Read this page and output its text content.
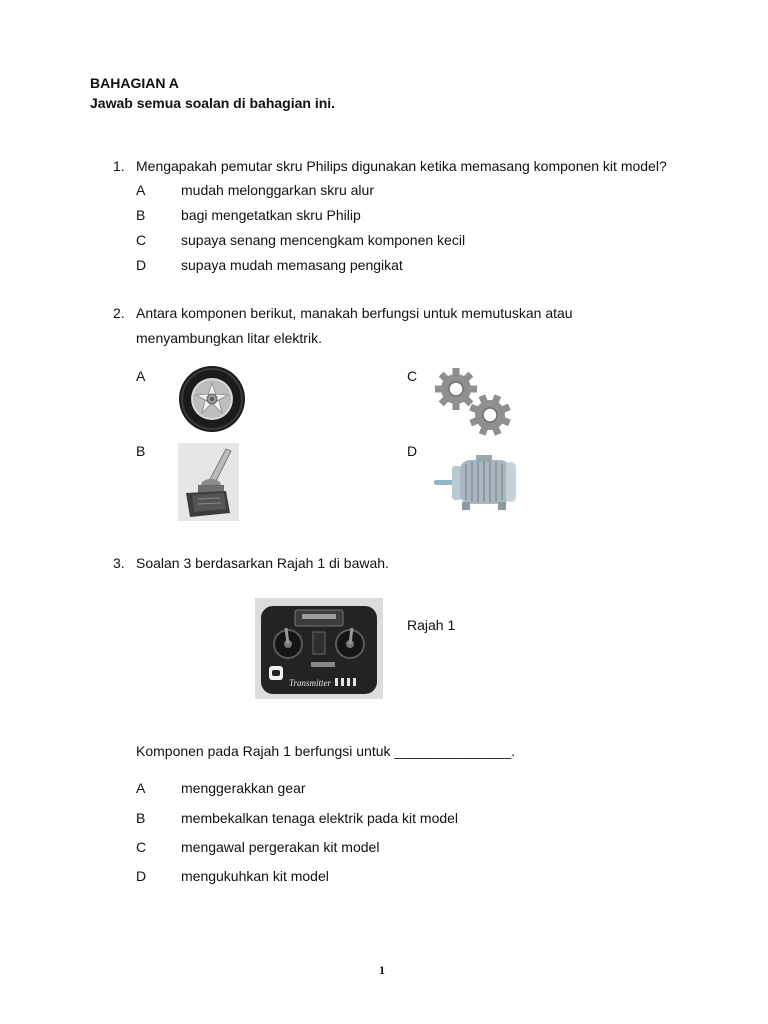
BAHAGIAN A
Jawab semua soalan di bahagian ini.
1. Mengapakah pemutar skru Philips digunakan ketika memasang komponen kit model?
A	mudah melonggarkan skru alur
B	bagi mengetatkan skru Philip
C supaya senang mencengkam komponen kecil
D supaya mudah memasang pengikat
2. Antara komponen berikut, manakah berfungsi untuk memutuskan atau
menyambungkan litar elektrik.
A	C
B	D
3. Soalan 3 berdasarkan Rajah 1 di bawah.
Transmitter
Rajah 1
Komponen pada Rajah 1 berfungsi untuk _______________.
A	menggerakkan gear
B	membekalkan tenaga elektrik pada kit model
C mengawal pergerakan kit model
D mengukuhkan kit model
1
